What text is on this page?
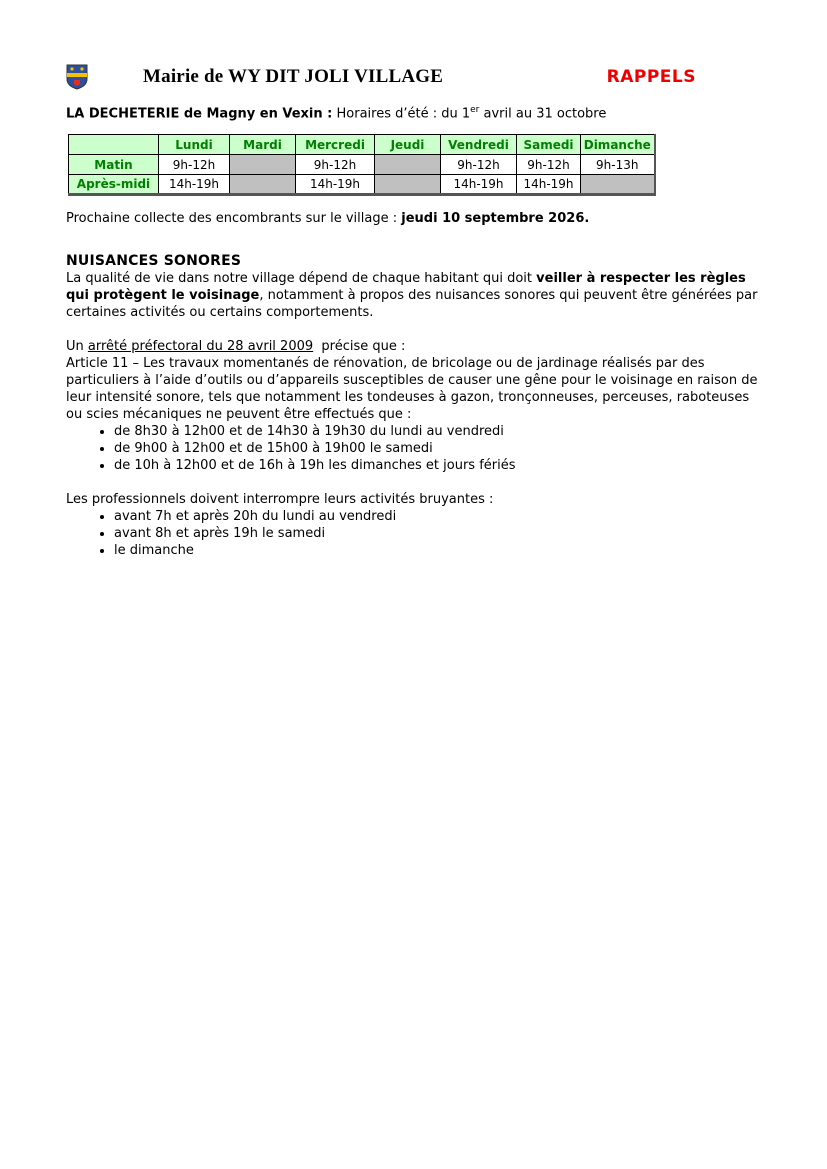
Mairie de WY DIT JOLI VILLAGE	RAPPELS

LA DECHETERIE de Magny en Vexin : Horaires d’été : du 1er avril au 31 octobre

	Lundi	Mardi	Mercredi	Jeudi	Vendredi	Samedi	Dimanche
Matin	9h-12h		9h-12h		9h-12h	9h-12h	9h-13h
Après-midi	14h-19h		14h-19h		14h-19h	14h-19h	

Prochaine collecte des encombrants sur le village : jeudi 10 septembre 2026.

NUISANCES SONORES

La qualité de vie dans notre village dépend de chaque habitant qui doit veiller à respecter les règles qui protègent le voisinage, notamment à propos des nuisances sonores qui peuvent être générées par certaines activités ou certains comportements.

Un arrêté préfectoral du 28 avril 2009  précise que :

Article 11 – Les travaux momentanés de rénovation, de bricolage ou de jardinage réalisés par des particuliers à l’aide d’outils ou d’appareils susceptibles de causer une gêne pour le voisinage en raison de leur intensité sonore, tels que notamment les tondeuses à gazon, tronçonneuses, perceuses, raboteuses ou scies mécaniques ne peuvent être effectués que :

• de 8h30 à 12h00 et de 14h30 à 19h30 du lundi au vendredi
• de 9h00 à 12h00 et de 15h00 à 19h00 le samedi
• de 10h à 12h00 et de 16h à 19h les dimanches et jours fériés

Les professionnels doivent interrompre leurs activités bruyantes :

• avant 7h et après 20h du lundi au vendredi
• avant 8h et après 19h le samedi
• le dimanche
